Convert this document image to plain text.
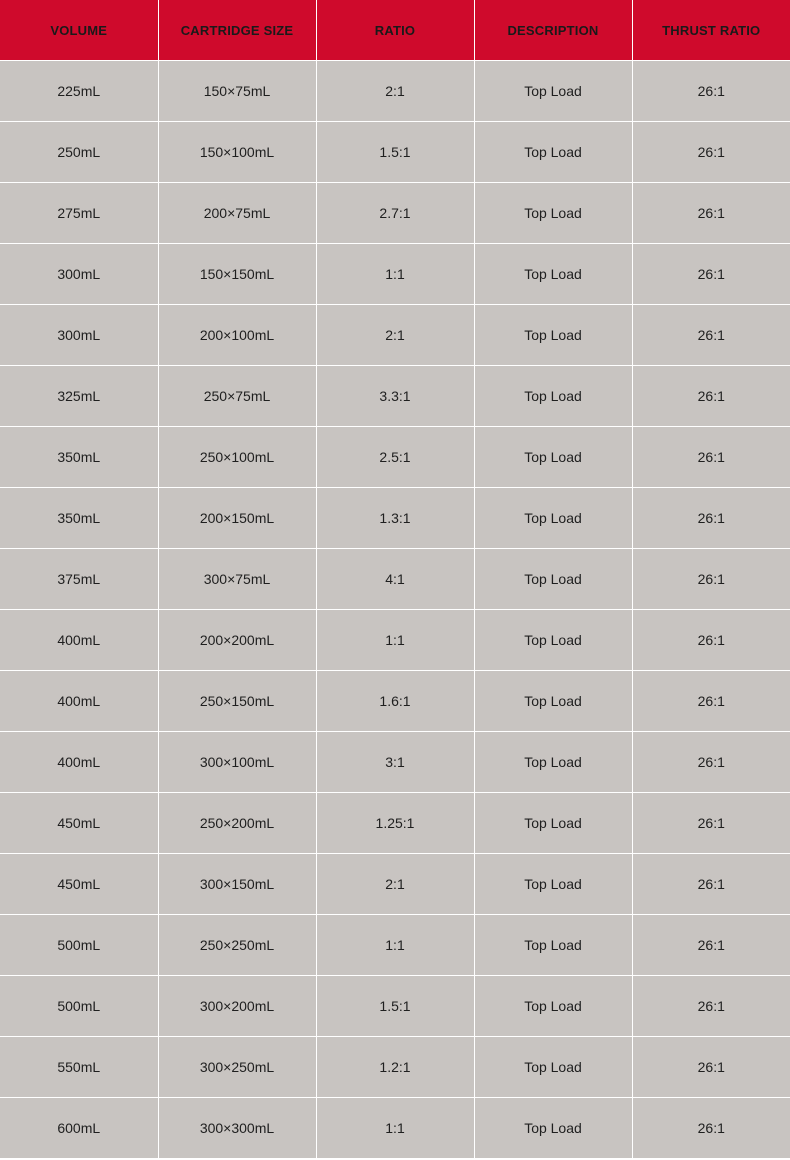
VOLUME	CARTRIDGE SIZE	RATIO	DESCRIPTION	THRUST RATIO
225mL	150×75mL	2:1	Top Load	26:1
250mL	150×100mL	1.5:1	Top Load	26:1
275mL	200×75mL	2.7:1	Top Load	26:1
300mL	150×150mL	1:1	Top Load	26:1
300mL	200×100mL	2:1	Top Load	26:1
325mL	250×75mL	3.3:1	Top Load	26:1
350mL	250×100mL	2.5:1	Top Load	26:1
350mL	200×150mL	1.3:1	Top Load	26:1
375mL	300×75mL	4:1	Top Load	26:1
400mL	200×200mL	1:1	Top Load	26:1
400mL	250×150mL	1.6:1	Top Load	26:1
400mL	300×100mL	3:1	Top Load	26:1
450mL	250×200mL	1.25:1	Top Load	26:1
450mL	300×150mL	2:1	Top Load	26:1
500mL	250×250mL	1:1	Top Load	26:1
500mL	300×200mL	1.5:1	Top Load	26:1
550mL	300×250mL	1.2:1	Top Load	26:1
600mL	300×300mL	1:1	Top Load	26:1
